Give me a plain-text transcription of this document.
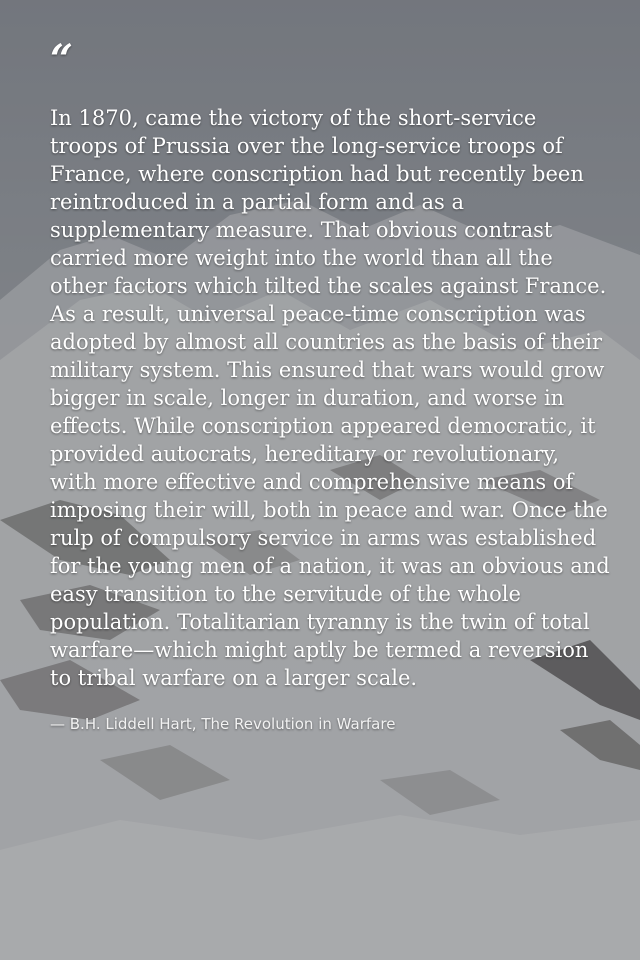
“
In 1870, came the victory of the short-service troops of Prussia over the long-service troops of France, where conscription had but recently been reintroduced in a partial form and as a supplementary measure. That obvious contrast carried more weight into the world than all the other factors which tilted the scales against France. As a result, universal peace-time conscription was adopted by almost all countries as the basis of their military system. This ensured that wars would grow bigger in scale, longer in duration, and worse in effects. While conscription appeared democratic, it provided autocrats, hereditary or revolutionary, with more effective and comprehensive means of imposing their will, both in peace and war. Once the rulp of compulsory service in arms was established for the young men of a nation, it was an obvious and easy transition to the servitude of the whole population. Totalitarian tyranny is the twin of total warfare—which might aptly be termed a reversion to tribal warfare on a larger scale.
— B.H. Liddell Hart, The Revolution in Warfare
